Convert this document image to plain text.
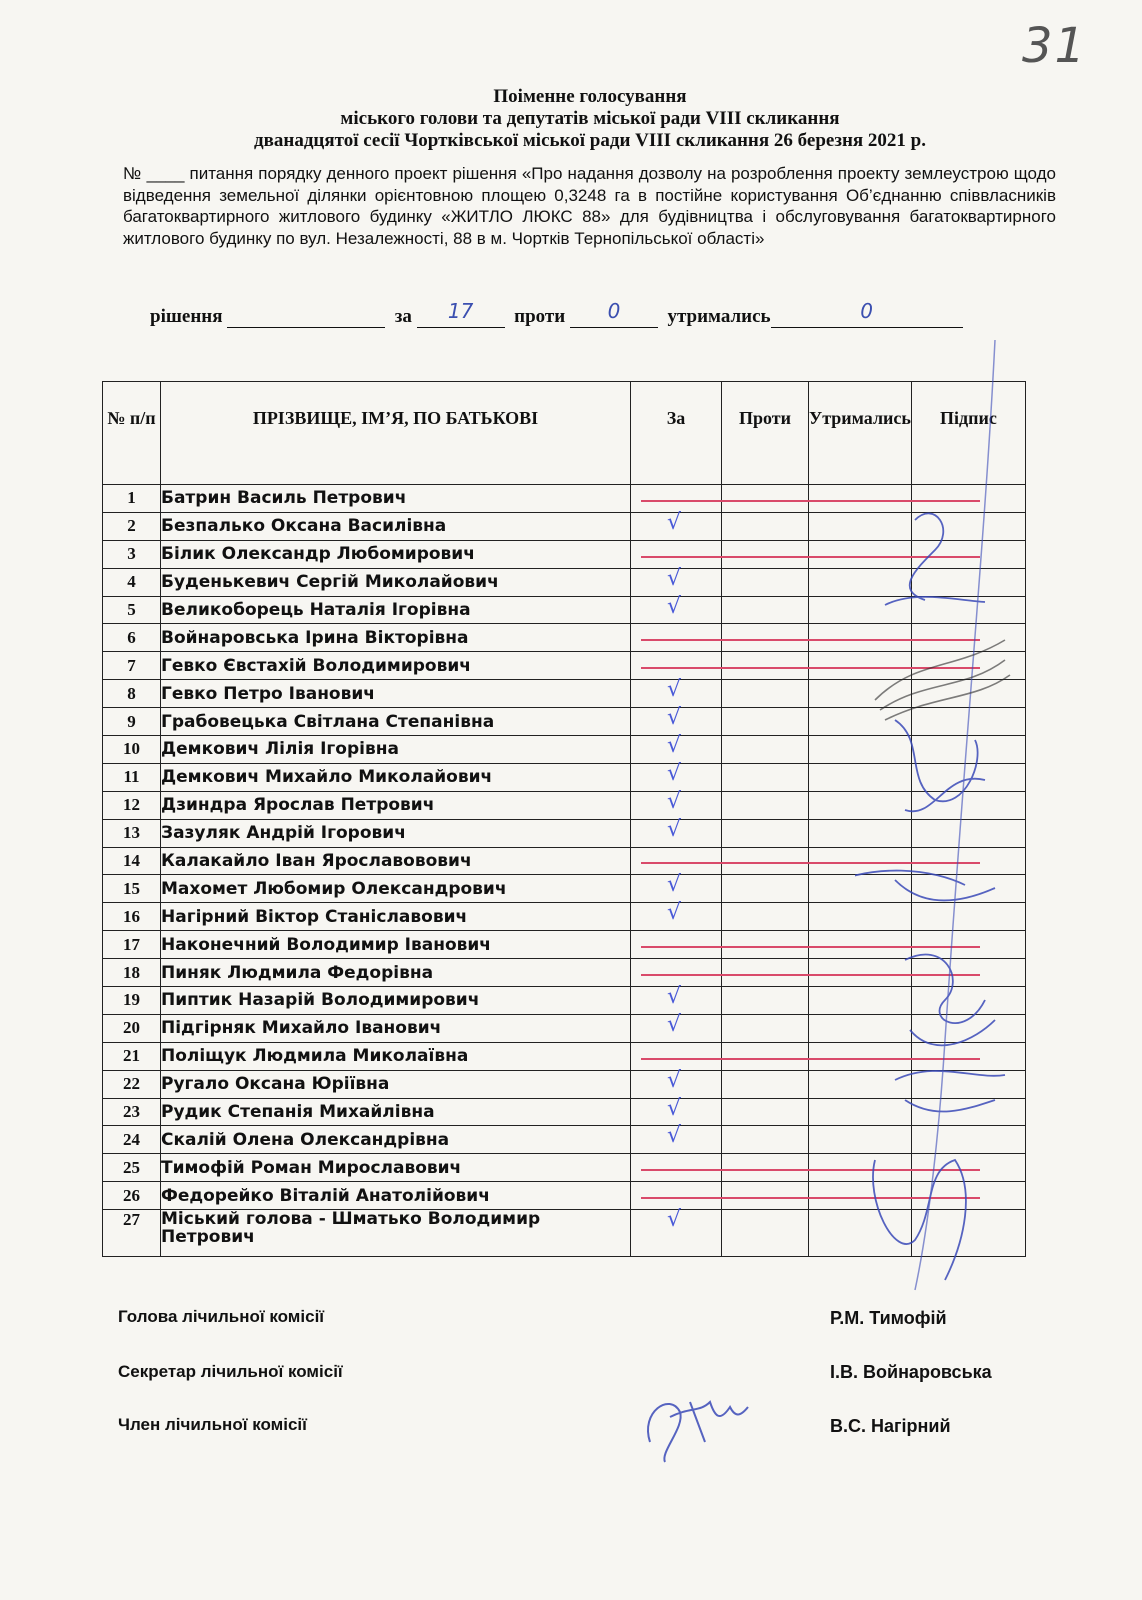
31
Поіменне голосування
міського голови та депутатів міської ради VIII скликання
дванадцятої сесії Чортківської міської ради VIII скликання 26 березня 2021 р.
№ ____ питання порядку денного проект рішення «Про надання дозволу на розроблення проекту землеустрою щодо відведення земельної ділянки орієнтовною площею 0,3248 га в постійне користування Об’єднанню співвласників багатоквартирного житлового будинку «ЖИТЛО ЛЮКС 88» для будівництва і обслуговування багатоквартирного житлового будинку по вул. Незалежності, 88 в м. Чортків Тернопільської області»
рішення	за	17	проти	0	утримались	0
№ п/п	ПРІЗВИЩЕ, ІМ’Я, ПО БАТЬКОВІ	За	Проти	Утримались	Підпис
1	Батрин Василь Петрович				
2	Безпалько Оксана Василівна	√			

3	Білик Олександр Любомирович				
4	Буденькевич Сергій Миколайович	√			

5	Великоборець Наталія Ігорівна	√			

6	Войнаровська Ірина Вікторівна				
7	Гевко Євстахій Володимирович				
8	Гевко Петро Іванович	√			

9	Грабовецька Світлана Степанівна	√			

10	Демкович Лілія Ігорівна	√			

11	Демкович Михайло Миколайович	√			

12	Дзиндра Ярослав Петрович	√			

13	Зазуляк Андрій Ігорович	√			

14	Калакайло Іван Ярославовович				
15	Махомет Любомир Олександрович	√			

16	Нагірний Віктор Станіславович	√			

17	Наконечний Володимир Іванович				
18	Пиняк Людмила Федорівна				
19	Пиптик Назарій Володимирович	√			

20	Підгірняк Михайло Іванович	√			

21	Поліщук Людмила Миколаївна				
22	Ругало Оксана Юріївна	√			

23	Рудик Степанія Михайлівна	√			

24	Скалій Олена Олександрівна	√			

25	Тимофій Роман Мирославович				
26	Федорейко Віталій Анатолійович				
27	Міський голова - Шматько Володимир Петрович	√			

Голова лічильної комісії	Р.М. Тимофій
Секретар лічильної комісії	І.В. Войнаровська
Член лічильної комісії	В.С. Нагірний
